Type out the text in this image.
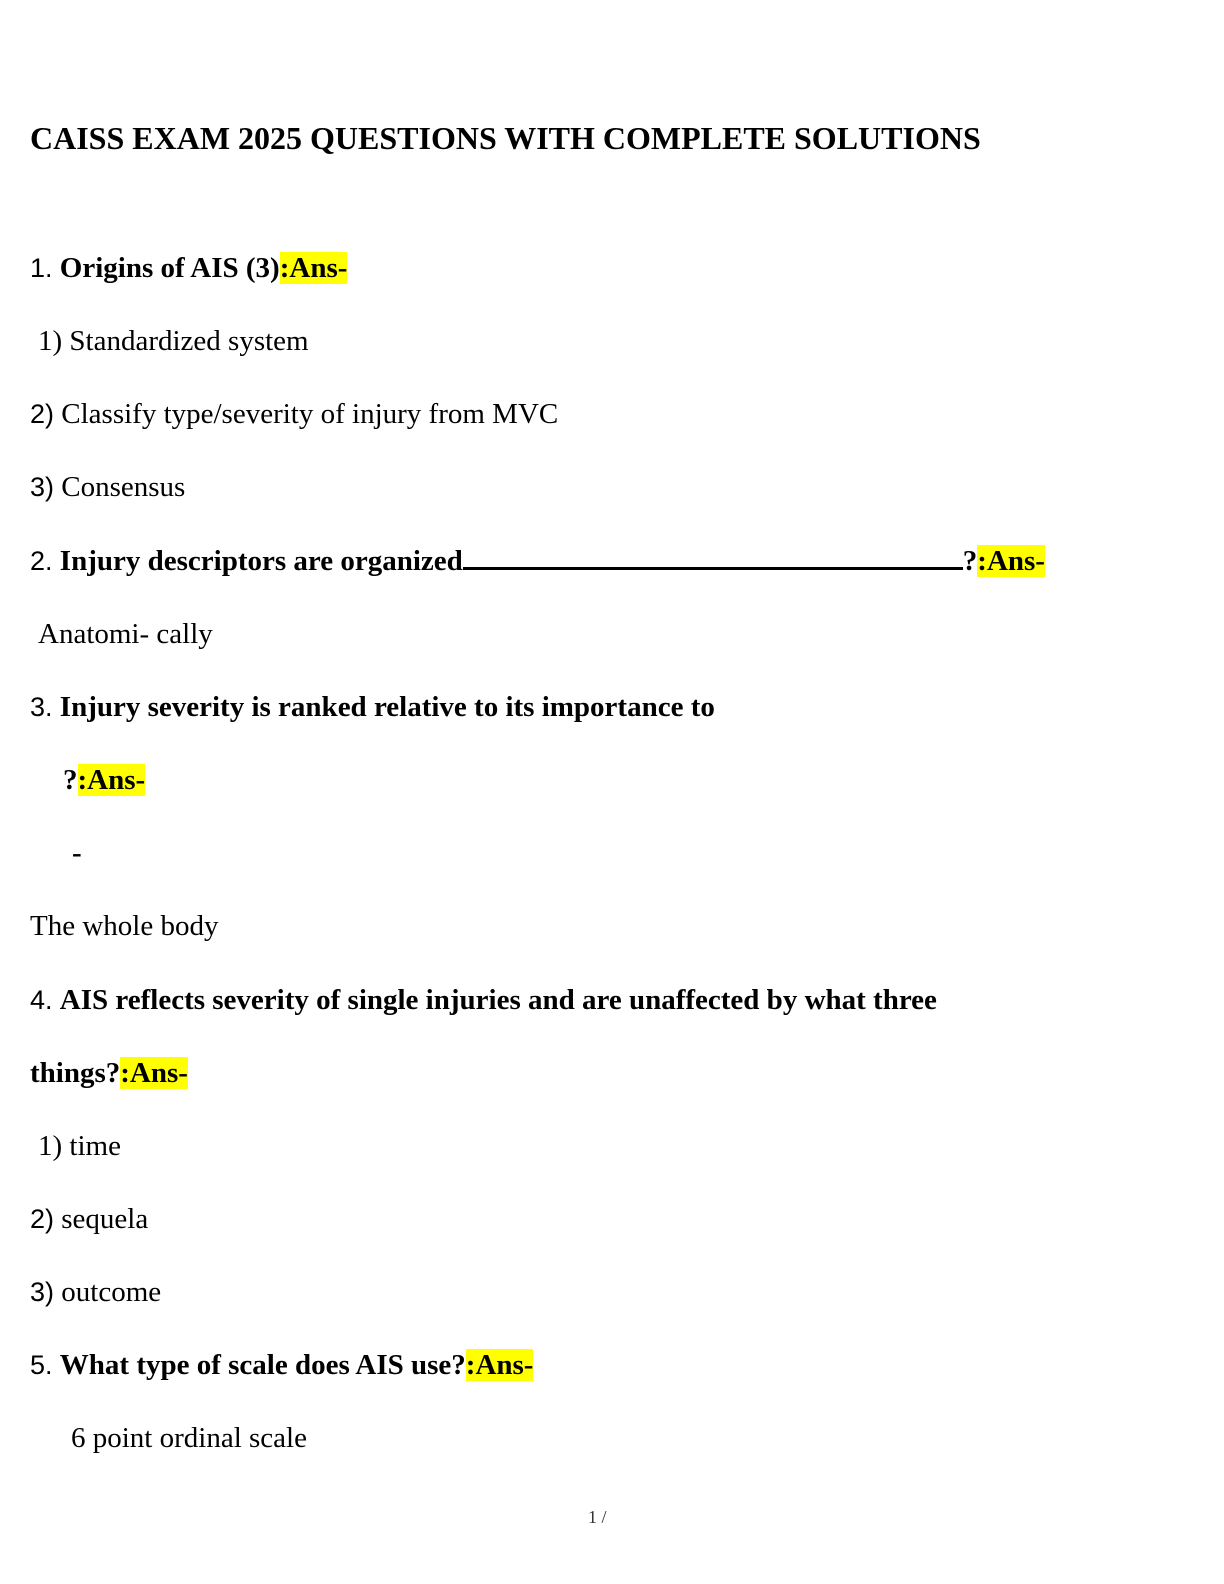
CAISS EXAM 2025 QUESTIONS WITH COMPLETE SOLUTIONS
1. Origins of AIS (3):Ans-
1) Standardized system
2) Classify type/severity of injury from MVC
3) Consensus
2. Injury descriptors are organized	?:Ans-
Anatomi- cally
3. Injury severity is ranked relative to its importance to
?:Ans-
-
The whole body
4. AIS reflects severity of single injuries and are unaffected by what three
things?:Ans-
1) time
2) sequela
3) outcome
5. What type of scale does AIS use?:Ans-
6 point ordinal scale
1 /
